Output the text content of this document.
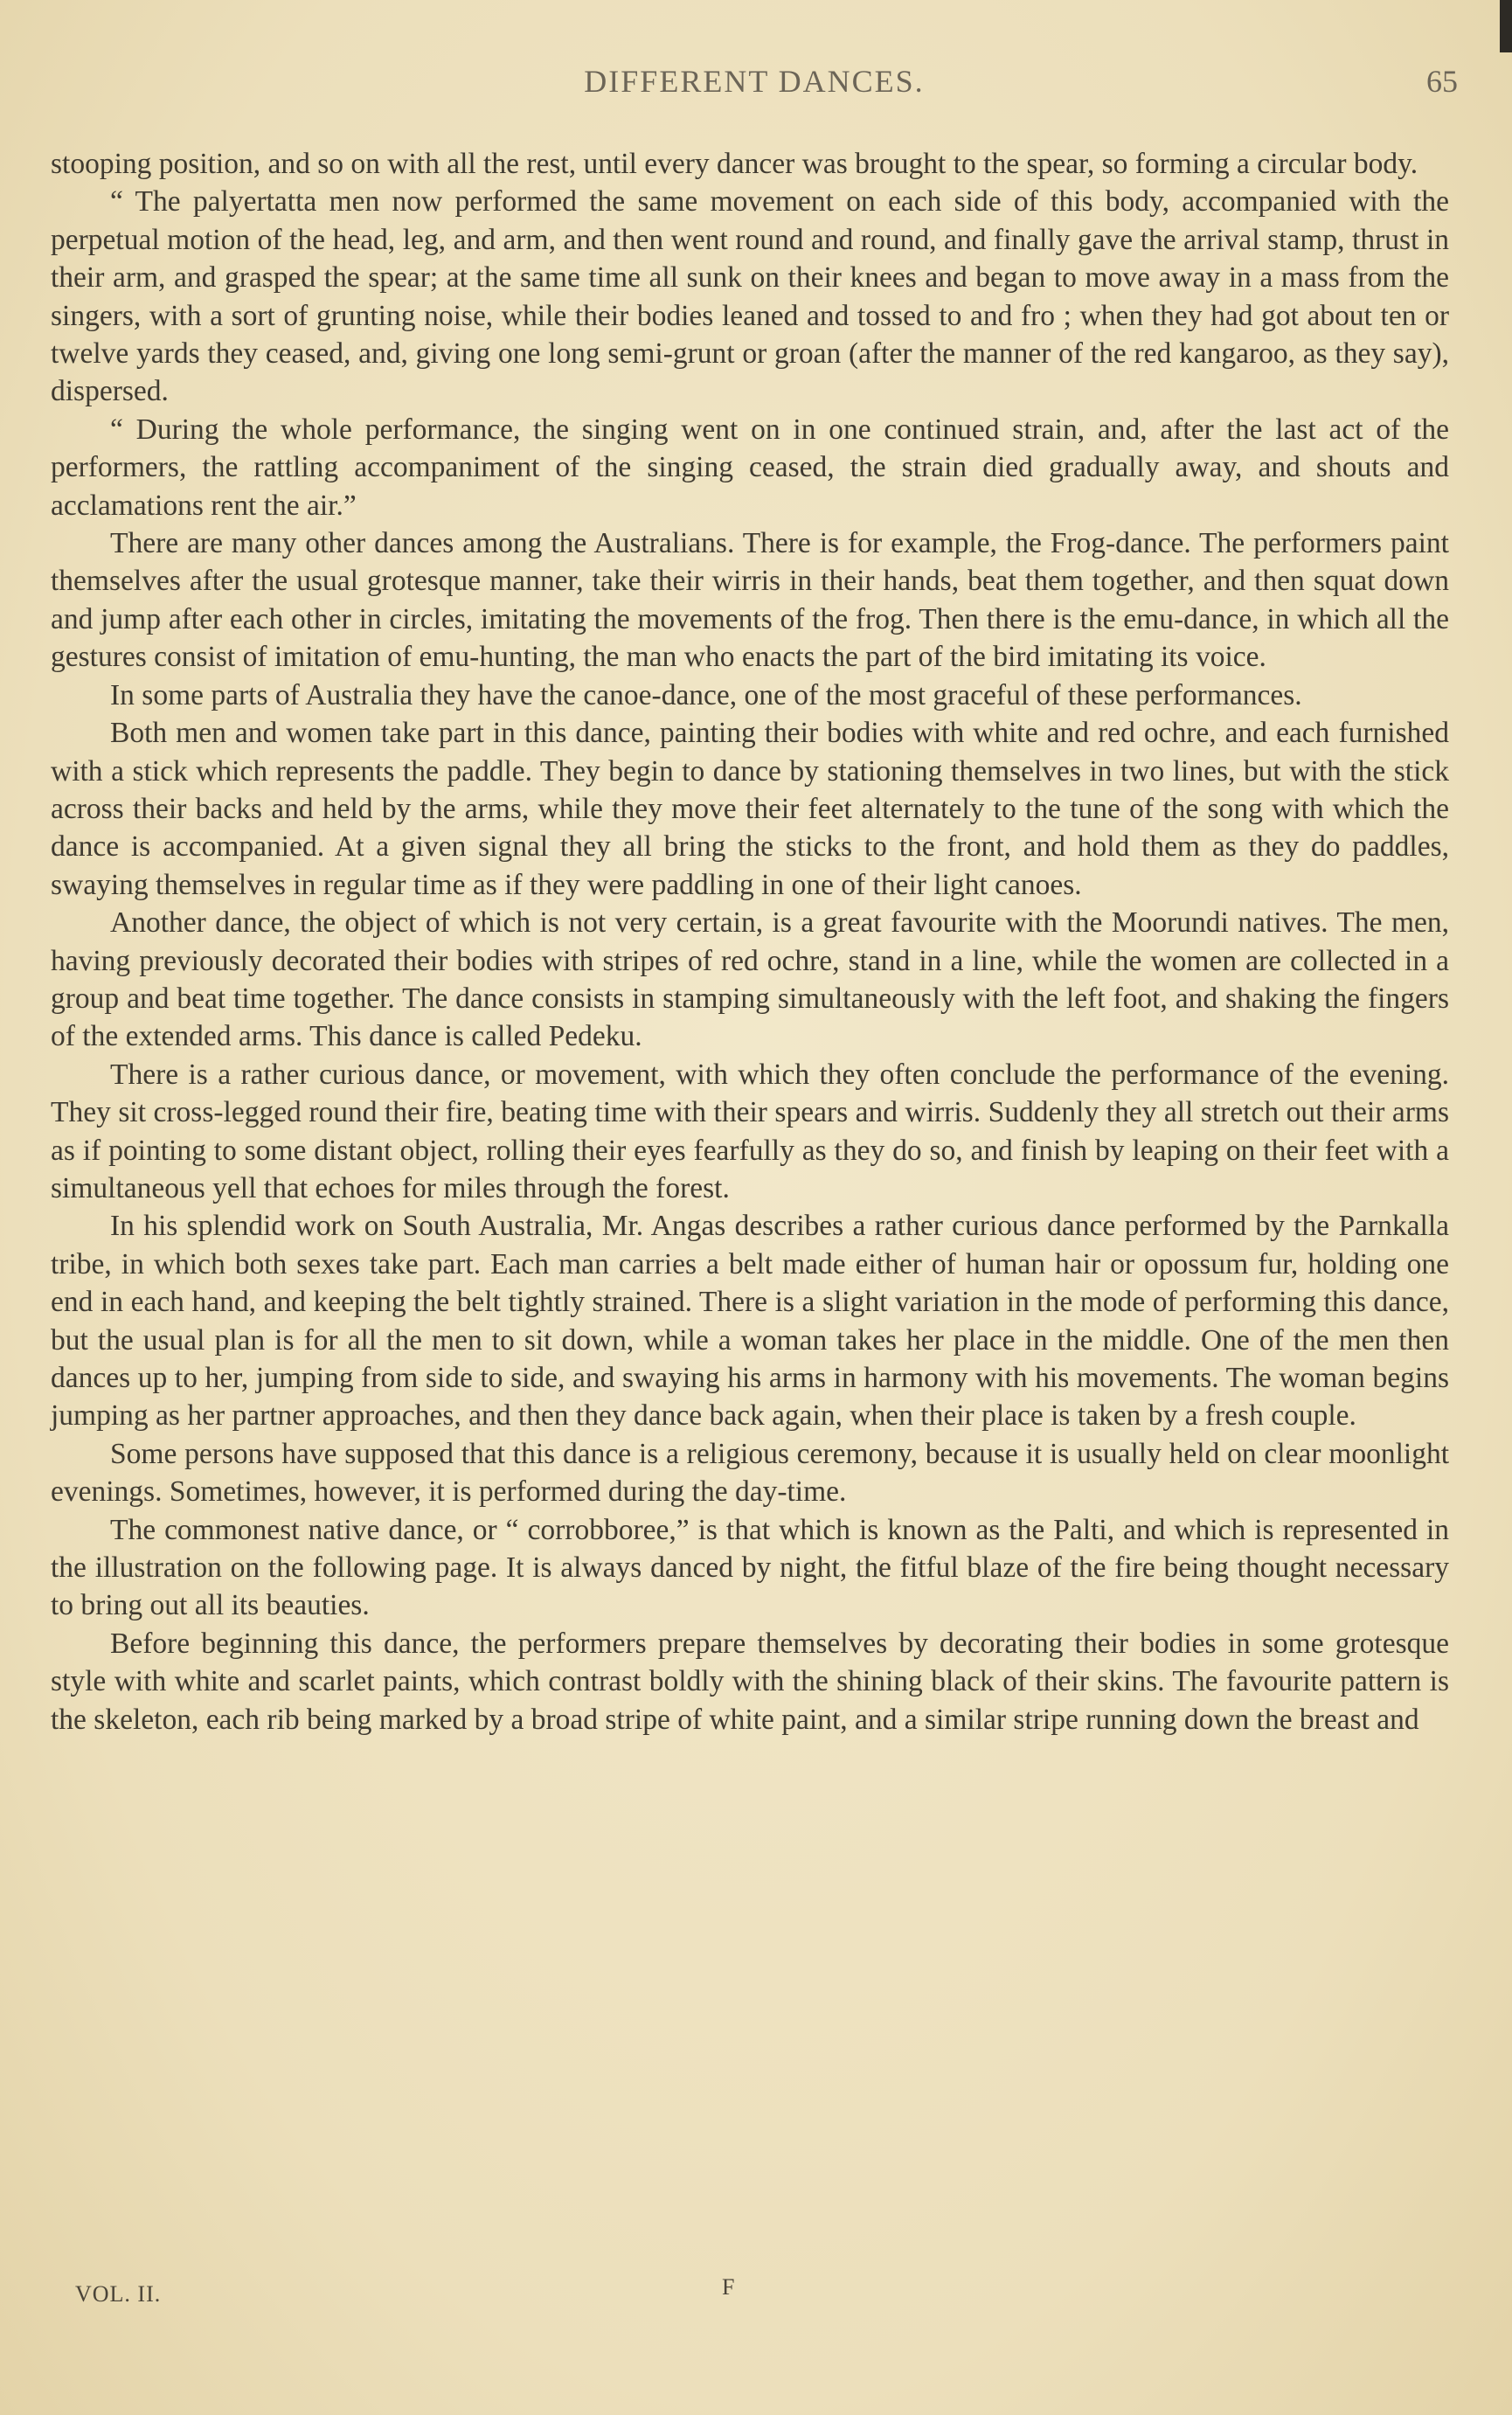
DIFFERENT DANCES.	65

stooping position, and so on with all the rest, until every dancer was brought to the spear, so forming a circular body.

“ The palyertatta men now performed the same movement on each side of this body, accompanied with the perpetual motion of the head, leg, and arm, and then went round and round, and finally gave the arrival stamp, thrust in their arm, and grasped the spear; at the same time all sunk on their knees and began to move away in a mass from the singers, with a sort of grunting noise, while their bodies leaned and tossed to and fro ; when they had got about ten or twelve yards they ceased, and, giving one long semi-grunt or groan (after the manner of the red kangaroo, as they say), dispersed.

“ During the whole performance, the singing went on in one continued strain, and, after the last act of the performers, the rattling accompaniment of the singing ceased, the strain died gradually away, and shouts and acclamations rent the air.”

There are many other dances among the Australians. There is for example, the Frog-dance. The performers paint themselves after the usual grotesque manner, take their wirris in their hands, beat them together, and then squat down and jump after each other in circles, imitating the movements of the frog. Then there is the emu-dance, in which all the gestures consist of imitation of emu-hunting, the man who enacts the part of the bird imitating its voice.

In some parts of Australia they have the canoe-dance, one of the most graceful of these performances.

Both men and women take part in this dance, painting their bodies with white and red ochre, and each furnished with a stick which represents the paddle. They begin to dance by stationing themselves in two lines, but with the stick across their backs and held by the arms, while they move their feet alternately to the tune of the song with which the dance is accompanied. At a given signal they all bring the sticks to the front, and hold them as they do paddles, swaying themselves in regular time as if they were paddling in one of their light canoes.

Another dance, the object of which is not very certain, is a great favourite with the Moorundi natives. The men, having previously decorated their bodies with stripes of red ochre, stand in a line, while the women are collected in a group and beat time together. The dance consists in stamping simultaneously with the left foot, and shaking the fingers of the extended arms. This dance is called Pedeku.

There is a rather curious dance, or movement, with which they often conclude the performance of the evening. They sit cross-legged round their fire, beating time with their spears and wirris. Suddenly they all stretch out their arms as if pointing to some distant object, rolling their eyes fearfully as they do so, and finish by leaping on their feet with a simultaneous yell that echoes for miles through the forest.

In his splendid work on South Australia, Mr. Angas describes a rather curious dance performed by the Parnkalla tribe, in which both sexes take part. Each man carries a belt made either of human hair or opossum fur, holding one end in each hand, and keeping the belt tightly strained. There is a slight variation in the mode of performing this dance, but the usual plan is for all the men to sit down, while a woman takes her place in the middle. One of the men then dances up to her, jumping from side to side, and swaying his arms in harmony with his movements. The woman begins jumping as her partner approaches, and then they dance back again, when their place is taken by a fresh couple.

Some persons have supposed that this dance is a religious ceremony, because it is usually held on clear moonlight evenings. Sometimes, however, it is performed during the day-time.

The commonest native dance, or “ corrobboree,” is that which is known as the Palti, and which is represented in the illustration on the following page. It is always danced by night, the fitful blaze of the fire being thought necessary to bring out all its beauties.

Before beginning this dance, the performers prepare themselves by decorating their bodies in some grotesque style with white and scarlet paints, which contrast boldly with the shining black of their skins. The favourite pattern is the skeleton, each rib being marked by a broad stripe of white paint, and a similar stripe running down the breast and

VOL. II.	F
